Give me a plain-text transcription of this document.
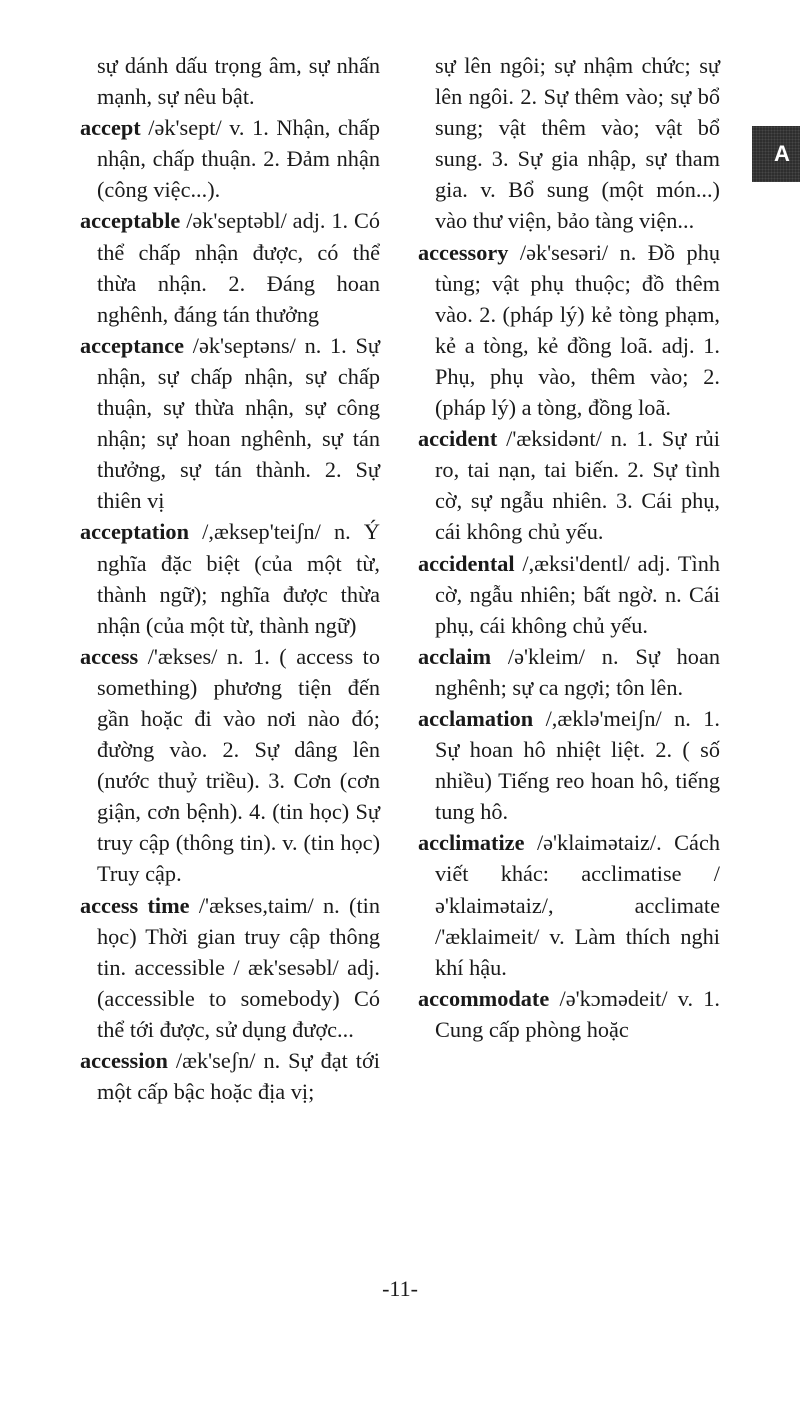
sự dánh dấu trọng âm, sự nhấn mạnh, sự nêu bật.

accept /ək'sept/ v. 1. Nhận, chấp nhận, chấp thuận. 2. Đảm nhận (công việc...).

acceptable /ək'septəbl/ adj. 1. Có thể chấp nhận được, có thể thừa nhận. 2. Đáng hoan nghênh, đáng tán thưởng

acceptance /ək'septəns/ n. 1. Sự nhận, sự chấp nhận, sự chấp thuận, sự thừa nhận, sự công nhận; sự hoan nghênh, sự tán thưởng, sự tán thành. 2. Sự thiên vị

acceptation /,æksep'teiʃn/ n. Ý nghĩa đặc biệt (của một từ, thành ngữ); nghĩa được thừa nhận (của một từ, thành ngữ)

access /'ækses/ n. 1. ( access to something) phương tiện đến gần hoặc đi vào nơi nào đó; đường vào. 2. Sự dâng lên (nước thuỷ triều). 3. Cơn (cơn giận, cơn bệnh). 4. (tin học) Sự truy cập (thông tin). v. (tin học) Truy cập.

access time /'ækses,taim/ n. (tin học) Thời gian truy cập thông tin. accessible / æk'sesəbl/ adj. (accessible to somebody) Có thể tới được, sử dụng được...

accession /æk'seʃn/ n. Sự đạt tới một cấp bậc hoặc địa vị;

sự lên ngôi; sự nhậm chức; sự lên ngôi. 2. Sự thêm vào; sự bổ sung; vật thêm vào; vật bổ sung. 3. Sự gia nhập, sự tham gia. v. Bổ sung (một món...) vào thư viện, bảo tàng viện...

accessory /ək'sesəri/ n. Đồ phụ tùng; vật phụ thuộc; đồ thêm vào. 2. (pháp lý) kẻ tòng phạm, kẻ a tòng, kẻ đồng loã. adj. 1. Phụ, phụ vào, thêm vào; 2. (pháp lý) a tòng, đồng loã.

accident /'æksidənt/ n. 1. Sự rủi ro, tai nạn, tai biến. 2. Sự tình cờ, sự ngẫu nhiên. 3. Cái phụ, cái không chủ yếu.

accidental /,æksi'dentl/ adj. Tình cờ, ngẫu nhiên; bất ngờ. n. Cái phụ, cái không chủ yếu.

acclaim /ə'kleim/ n. Sự hoan nghênh; sự ca ngợi; tôn lên.

acclamation /,æklə'meiʃn/ n. 1. Sự hoan hô nhiệt liệt. 2. ( số nhiều) Tiếng reo hoan hô, tiếng tung hô.

acclimatize /ə'klaimətaiz/. Cách viết khác: acclimatise /ə'klaimətaiz/, acclimate /'æklaimeit/ v. Làm thích nghi khí hậu.

accommodate /ə'kɔmədeit/ v. 1. Cung cấp phòng hoặc

A
-11-
